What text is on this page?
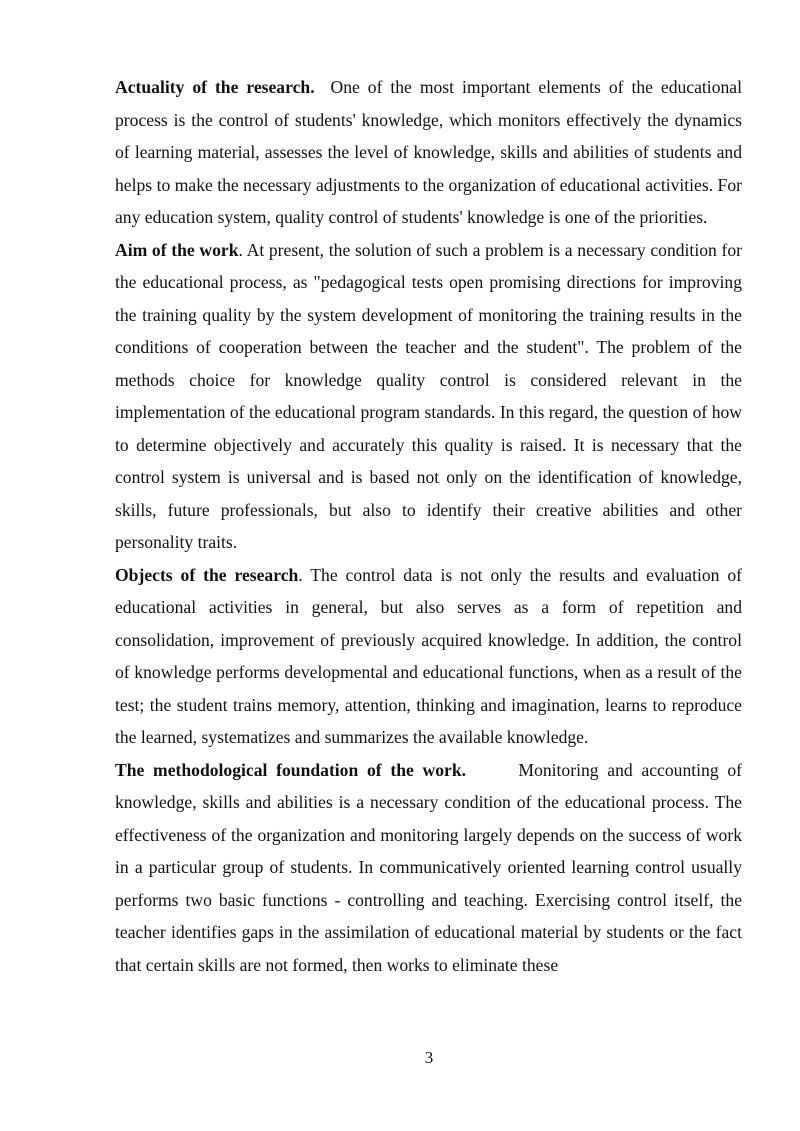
Actuality of the research.  One of the most important elements of the educational process is the control of students' knowledge, which monitors effectively the dynamics of learning material, assesses the level of knowledge, skills and abilities of students and helps to make the necessary adjustments to the organization of educational activities. For any education system, quality control of students' knowledge is one of the priorities.

Aim of the work. At present, the solution of such a problem is a necessary condition for the educational process, as "pedagogical tests open promising directions for improving the training quality by the system development of monitoring the training results in the conditions of cooperation between the teacher and the student". The problem of the methods choice for knowledge quality control is considered relevant in the implementation of the educational program standards. In this regard, the question of how to determine objectively and accurately this quality is raised. It is necessary that the control system is universal and is based not only on the identification of knowledge, skills, future professionals, but also to identify their creative abilities and other personality traits.

Objects of the research. The control data is not only the results and evaluation of educational activities in general, but also serves as a form of repetition and consolidation, improvement of previously acquired knowledge. In addition, the control of knowledge performs developmental and educational functions, when as a result of the test; the student trains memory, attention, thinking and imagination, learns to reproduce the learned, systematizes and summarizes the available knowledge.

The methodological foundation of the work.      Monitoring and accounting of knowledge, skills and abilities is a necessary condition of the educational process. The effectiveness of the organization and monitoring largely depends on the success of work in a particular group of students. In communicatively oriented learning control usually performs two basic functions - controlling and teaching. Exercising control itself, the teacher identifies gaps in the assimilation of educational material by students or the fact that certain skills are not formed, then works to eliminate these

3
